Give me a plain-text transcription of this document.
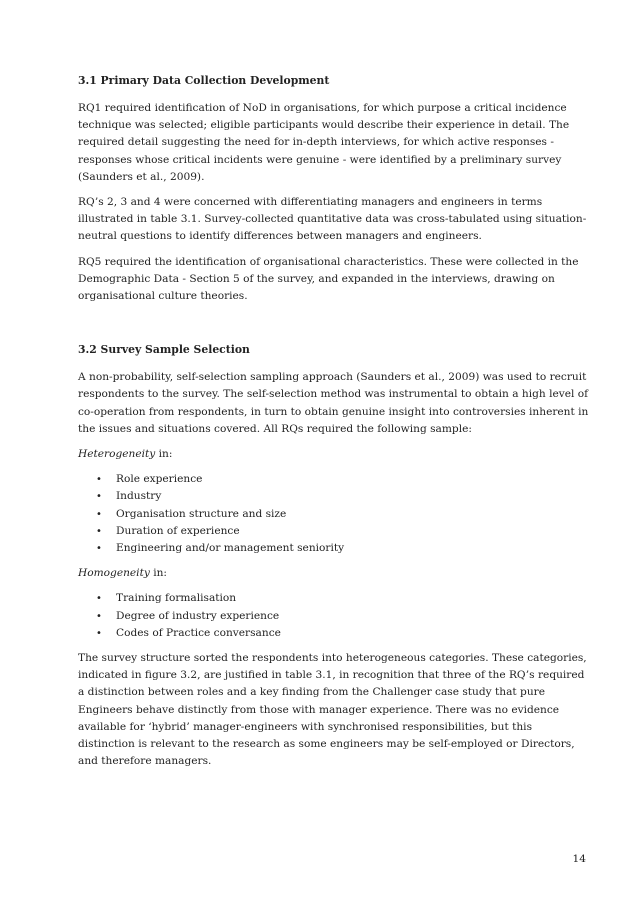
3.1 Primary Data Collection Development

RQ1 required identification of NoD in organisations, for which purpose a critical incidence technique was selected; eligible participants would describe their experience in detail. The required detail suggesting the need for in-depth interviews, for which active responses - responses whose critical incidents were genuine - were identified by a preliminary survey (Saunders et al., 2009).

RQ’s 2, 3 and 4 were concerned with differentiating managers and engineers in terms illustrated in table 3.1. Survey-collected quantitative data was cross-tabulated using situation-neutral questions to identify differences between managers and engineers.

RQ5 required the identification of organisational characteristics. These were collected in the Demographic Data - Section 5 of the survey, and expanded in the interviews, drawing on organisational culture theories.

3.2 Survey Sample Selection

A non-probability, self-selection sampling approach (Saunders et al., 2009) was used to recruit respondents to the survey. The self-selection method was instrumental to obtain a high level of co-operation from respondents, in turn to obtain genuine insight into controversies inherent in the issues and situations covered. All RQs required the following sample:

Heterogeneity in:

• Role experience
• Industry
• Organisation structure and size
• Duration of experience
• Engineering and/or management seniority

Homogeneity in:

• Training formalisation
• Degree of industry experience
• Codes of Practice conversance

The survey structure sorted the respondents into heterogeneous categories. These categories, indicated in figure 3.2, are justified in table 3.1, in recognition that three of the RQ’s required a distinction between roles and a key finding from the Challenger case study that pure Engineers behave distinctly from those with manager experience. There was no evidence available for ‘hybrid’ manager-engineers with synchronised responsibilities, but this distinction is relevant to the research as some engineers may be self-employed or Directors, and therefore managers.

14
